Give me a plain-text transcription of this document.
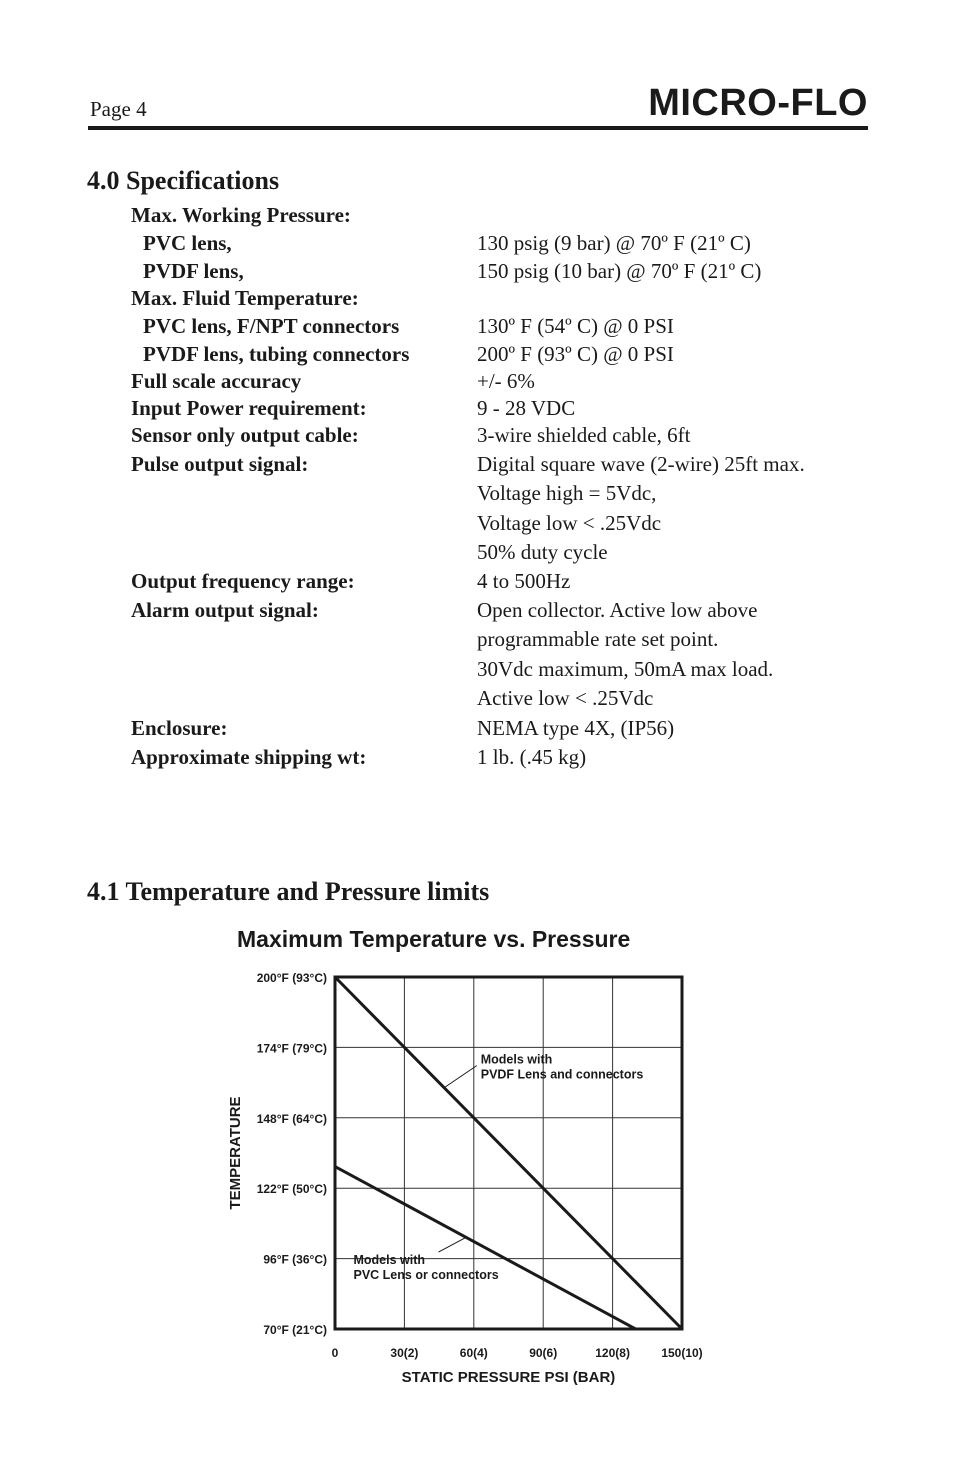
Page 4	MICRO-FLO
4.0 Specifications
Max. Working Pressure:
PVC lens,	130 psig (9 bar) @ 70º F (21º C)
PVDF lens,	150 psig (10 bar) @ 70º F (21º C)
Max. Fluid Temperature:
PVC lens, F/NPT connectors	130º F (54º C) @ 0 PSI
PVDF lens, tubing connectors	200º F (93º C) @ 0 PSI
Full scale accuracy	+/- 6%
Input Power requirement:	9 - 28 VDC
Sensor only output cable:	3-wire shielded cable, 6ft
Pulse output signal:	Digital square wave (2-wire) 25ft max.
Voltage high = 5Vdc,
Voltage low < .25Vdc
50% duty cycle
Output frequency range:	4 to 500Hz
Alarm output signal:	Open collector. Active low above
programmable rate set point.
30Vdc maximum, 50mA max load.
Active low < .25Vdc
Enclosure:	NEMA type 4X, (IP56)
Approximate shipping wt:	1 lb. (.45 kg)
4.1 Temperature and Pressure limits
Maximum Temperature vs. Pressure
70°F (21°C)
96°F (36°C)
122°F (50°C)
148°F (64°C)
174°F (79°C)
200°F (93°C)
0	30(2)	60(4)	90(6)	120(8)	150(10)
STATIC PRESSURE PSI (BAR)
TEMPERATURE
Models with
PVDF Lens and connectors
Models with
PVC Lens or connectors
